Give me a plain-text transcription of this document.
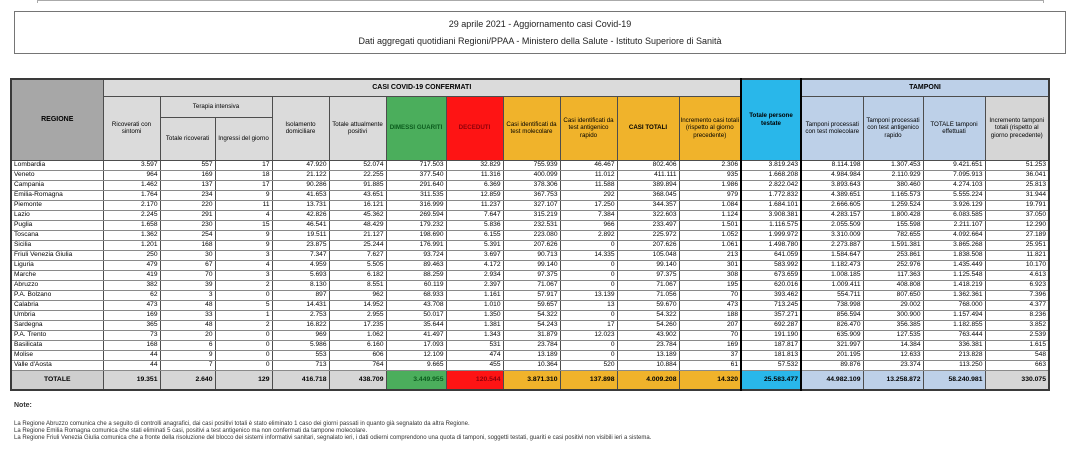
29 aprile 2021 - Aggiornamento casi Covid-19
Dati aggregati quotidiani Regioni/PPAA - Ministero della Salute - Istituto Superiore di Sanità
REGIONE	CASI COVID-19 CONFERMATI											Totale persone testate	TAMPONI			
	Ricoverati con sintomi	Terapia intensiva		Isolamento domiciliare	Totale attualmente positivi	DIMESSI GUARITI	DECEDUTI	Casi identificati da test molecolare	Casi identificati da test antigenico rapido	CASI TOTALI	Incremento casi totali (rispetto al giorno precedente)		Tamponi processati con test molecolare	Tamponi processati con test antigenico rapido	TOTALE tamponi effettuati	Incremento tamponi totali (rispetto al giorno precedente)
		Totale ricoverati	Ingressi del giorno													
Lombardia	3.597	557	17	47.920	52.074	717.503	32.829	755.939	46.467	802.406	2.306	3.819.243	8.114.198	1.307.453	9.421.651	51.253
Veneto	964	169	18	21.122	22.255	377.540	11.316	400.099	11.012	411.111	935	1.668.208	4.984.984	2.110.929	7.095.913	36.041
Campania	1.462	137	17	90.286	91.885	291.640	6.369	378.306	11.588	389.894	1.986	2.822.042	3.893.643	380.460	4.274.103	25.813
Emilia-Romagna	1.764	234	9	41.653	43.651	311.535	12.859	367.753	292	368.045	979	1.772.832	4.389.651	1.165.573	5.555.224	31.944
Piemonte	2.170	220	11	13.731	16.121	316.999	11.237	327.107	17.250	344.357	1.084	1.684.101	2.666.605	1.259.524	3.926.129	19.791
Lazio	2.245	291	4	42.826	45.362	269.594	7.647	315.219	7.384	322.603	1.124	3.908.381	4.283.157	1.800.428	6.083.585	37.050
Puglia	1.658	230	15	46.541	48.429	179.232	5.836	232.531	966	233.497	1.501	1.116.575	2.055.509	155.598	2.211.107	12.290
Toscana	1.362	254	9	19.511	21.127	198.690	6.155	223.080	2.892	225.972	1.052	1.999.972	3.310.009	782.655	4.092.664	27.189
Sicilia	1.201	168	9	23.875	25.244	176.991	5.391	207.626	0	207.626	1.061	1.498.780	2.273.887	1.591.381	3.865.268	25.951
Friuli Venezia Giulia	250	30	3	7.347	7.627	93.724	3.697	90.713	14.335	105.048	213	641.059	1.584.647	253.861	1.838.508	11.821
Liguria	479	67	4	4.959	5.505	89.463	4.172	99.140	0	99.140	301	583.992	1.182.473	252.976	1.435.449	10.170
Marche	419	70	3	5.693	6.182	88.259	2.934	97.375	0	97.375	308	673.659	1.008.185	117.363	1.125.548	4.613
Abruzzo	382	39	2	8.130	8.551	60.119	2.397	71.067	0	71.067	195	620.016	1.009.411	408.808	1.418.219	6.923
P.A. Bolzano	62	3	0	897	962	68.933	1.161	57.917	13.139	71.056	70	393.462	554.711	807.650	1.362.361	7.396
Calabria	473	48	5	14.431	14.952	43.708	1.010	59.657	13	59.670	473	713.245	738.998	29.002	768.000	4.377
Umbria	169	33	1	2.753	2.955	50.017	1.350	54.322	0	54.322	188	357.271	856.594	300.900	1.157.494	8.236
Sardegna	365	48	2	16.822	17.235	35.644	1.381	54.243	17	54.260	207	692.287	826.470	356.385	1.182.855	3.852
P.A. Trento	73	20	0	969	1.062	41.497	1.343	31.879	12.023	43.902	70	191.190	635.909	127.535	763.444	2.539
Basilicata	168	6	0	5.986	6.160	17.093	531	23.784	0	23.784	169	187.817	321.997	14.384	336.381	1.615
Molise	44	9	0	553	606	12.109	474	13.189	0	13.189	37	181.813	201.195	12.633	213.828	548
Valle d'Aosta	44	7	0	713	764	9.665	455	10.364	520	10.884	61	57.532	89.876	23.374	113.250	663
TOTALE	19.351	2.640	129	416.718	438.709	3.449.955	120.544	3.871.310	137.898	4.009.208	14.320	25.583.477	44.982.109	13.258.872	58.240.981	330.075
Note:
La Regione Abruzzo comunica che a seguito di controlli anagrafici, dai casi positivi totali è stato eliminato 1 caso dei giorni passati in quanto già segnalato da altra Regione.
La Regione Emilia Romagna comunica che stati eliminati 5 casi, positivi a test antigenico ma non confermati da tampone molecolare.
La Regione Friuli Venezia Giulia comunica che a fronte della risoluzione del blocco dei sistemi informativi sanitari, segnalato ieri, i dati odierni comprendono una quota di tamponi, soggetti testati, guariti e casi positivi non visibili ieri a sistema.
